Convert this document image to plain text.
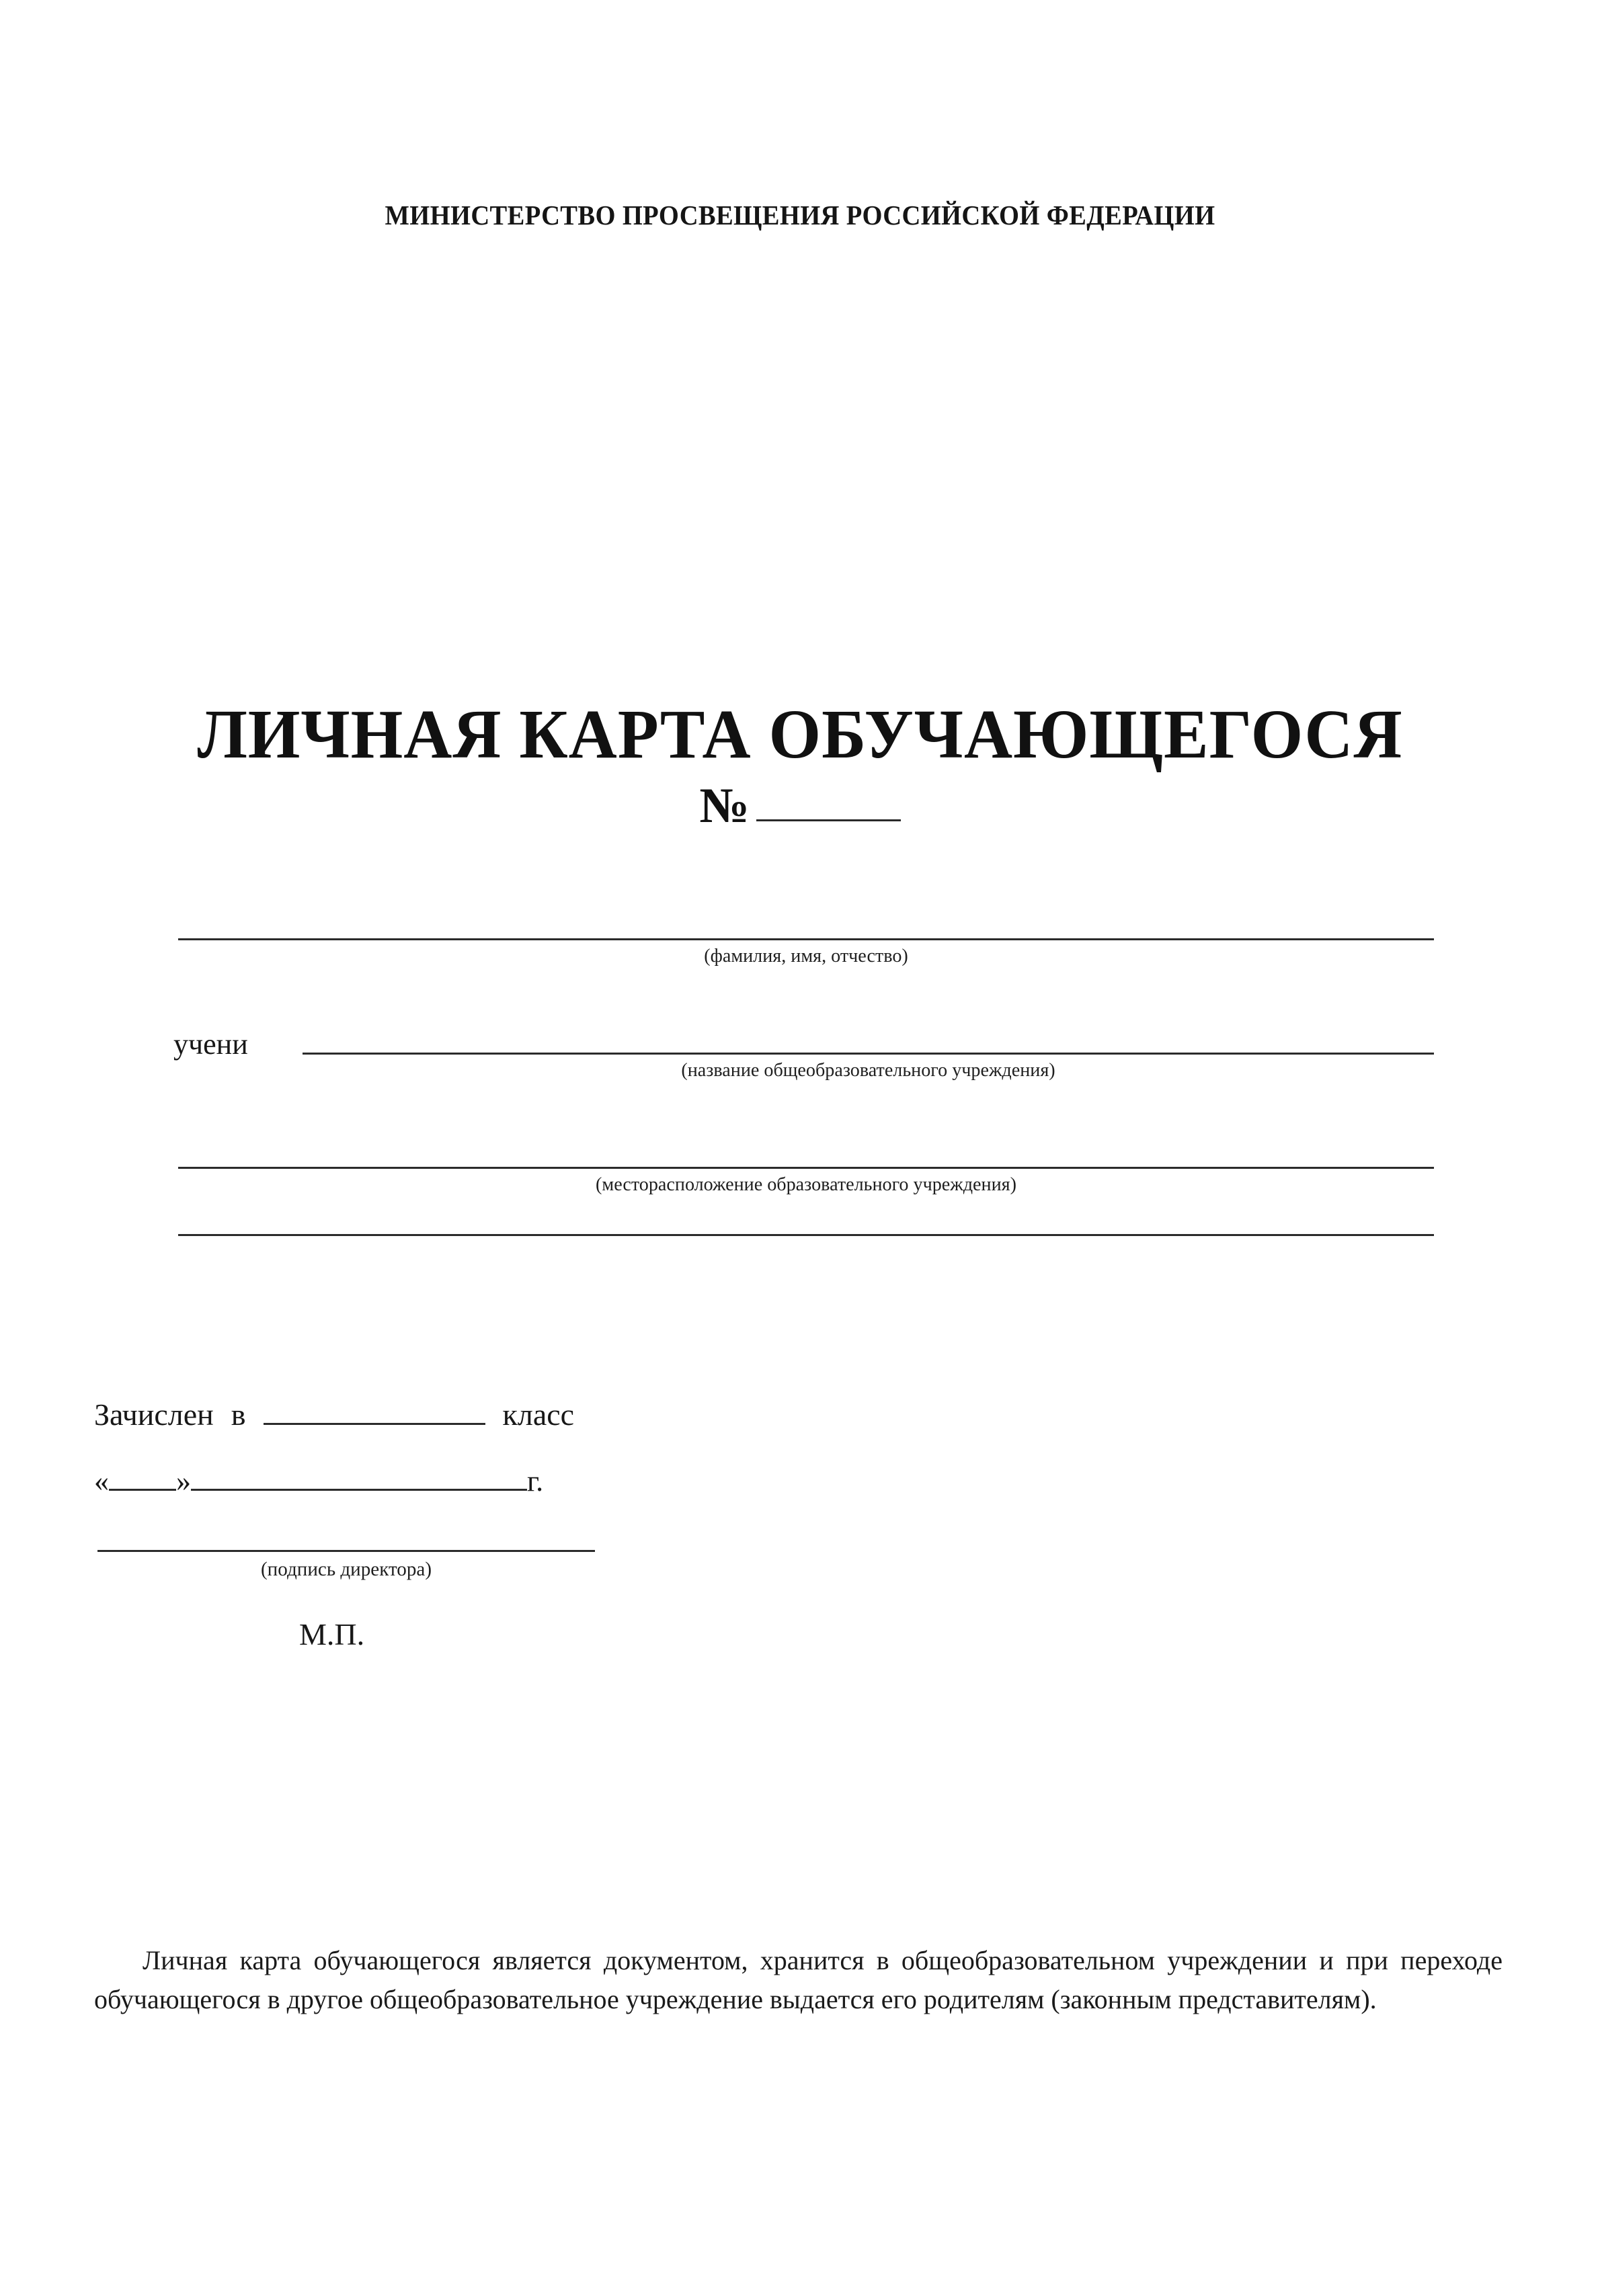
МИНИСТЕРСТВО ПРОСВЕЩЕНИЯ РОССИЙСКОЙ ФЕДЕРАЦИИ
ЛИЧНАЯ КАРТА ОБУЧАЮЩЕГОСЯ
№
(фамилия, имя, отчество)
(название общеобразовательного учреждения)
(месторасположение образовательного учреждения)
учени
Зачислен в	класс
« »	г.
(подпись директора)
М.П.
Личная карта обучающегося является документом, хранится в общеобразовательном учреждении и при переходе обучающегося в другое общеобразовательное учреждение выдается его родителям (законным представителям).
